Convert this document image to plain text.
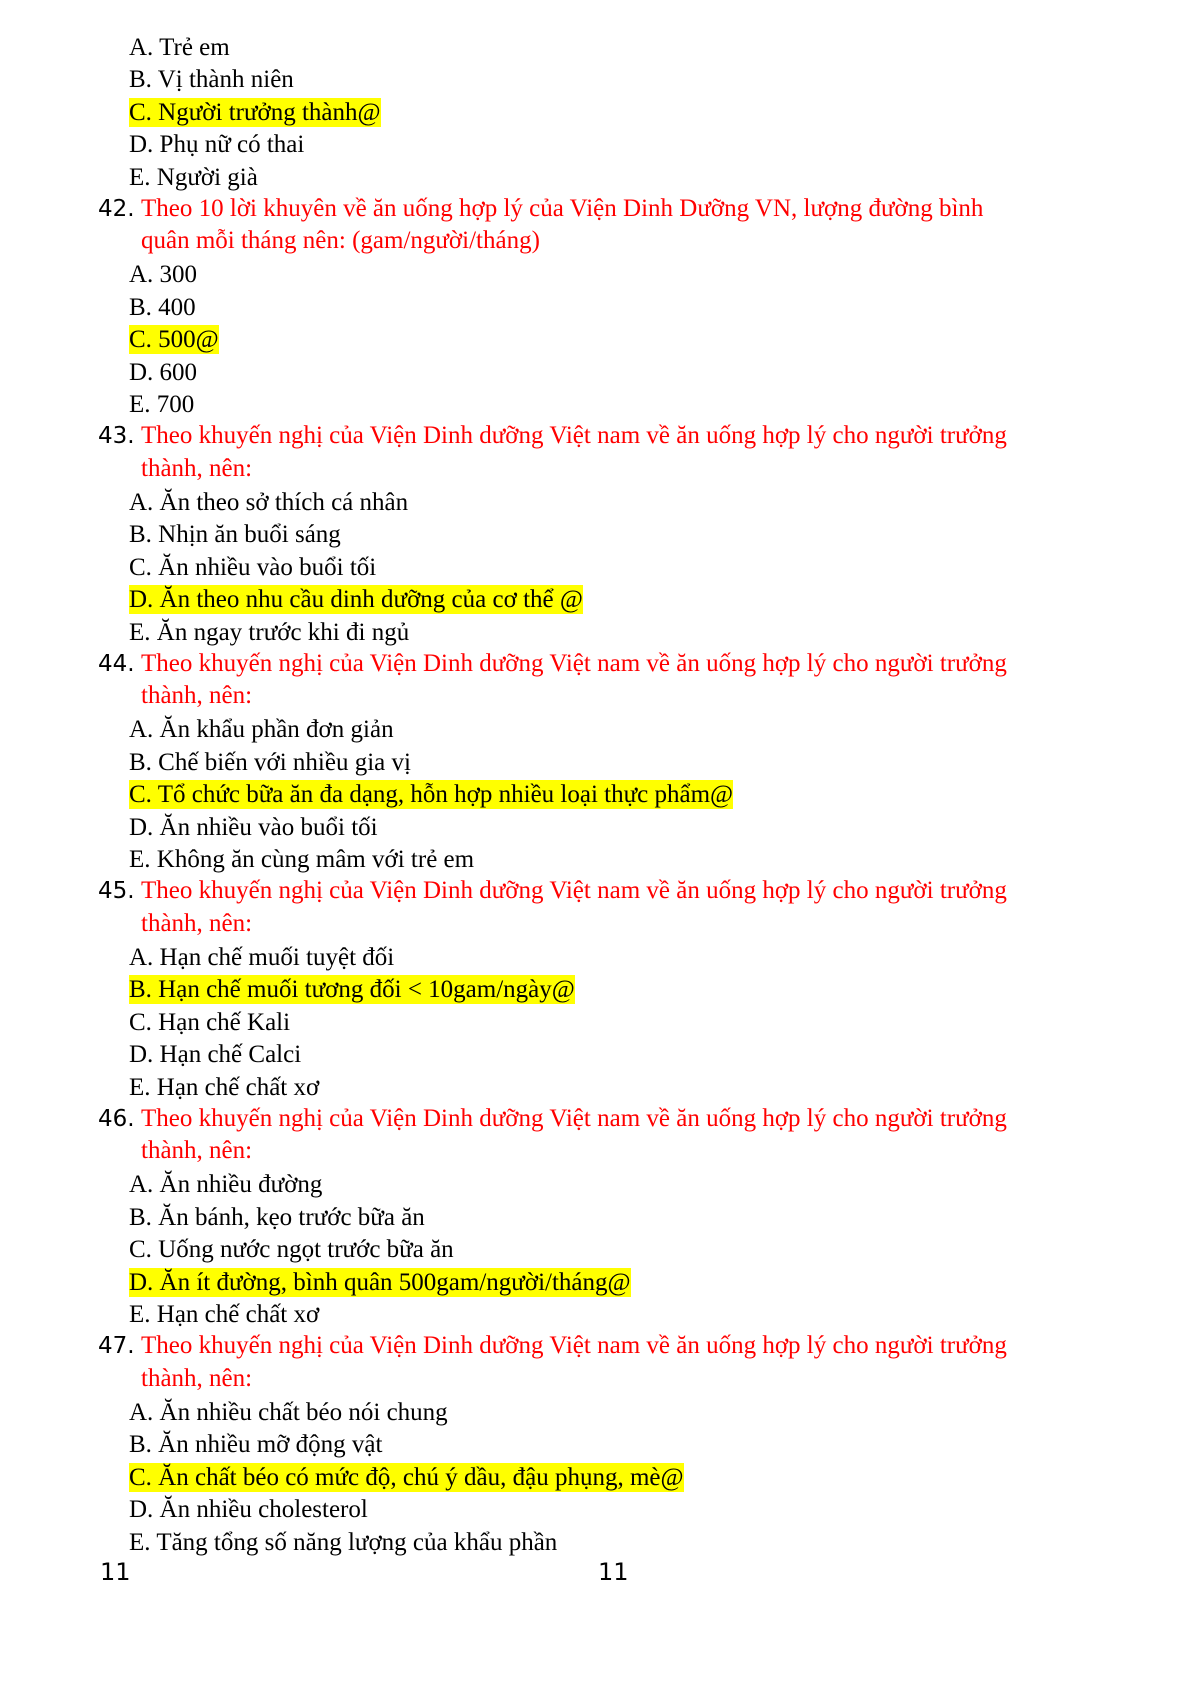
A. Trẻ em
B. Vị thành niên
C. Người trưởng thành@
D. Phụ nữ có thai
E. Người già
42. Theo 10 lời khuyên về ăn uống hợp lý của Viện Dinh Dưỡng VN, lượng đường bình
quân mỗi tháng nên: (gam/người/tháng)
A. 300
B. 400
C. 500@
D. 600
E. 700
43. Theo khuyến nghị của Viện Dinh dưỡng Việt nam về ăn uống hợp lý cho người trưởng
thành, nên:
A. Ăn theo sở thích cá nhân
B. Nhịn ăn buổi sáng
C. Ăn nhiều vào buổi tối
D. Ăn theo nhu cầu dinh dưỡng của cơ thể @
E. Ăn ngay trước khi đi ngủ
44. Theo khuyến nghị của Viện Dinh dưỡng Việt nam về ăn uống hợp lý cho người trưởng
thành, nên:
A. Ăn khẩu phần đơn giản
B. Chế biến với nhiều gia vị
C. Tổ chức bữa ăn đa dạng, hỗn hợp nhiều loại thực phẩm@
D. Ăn nhiều vào buổi tối
E. Không ăn cùng mâm với trẻ em
45. Theo khuyến nghị của Viện Dinh dưỡng Việt nam về ăn uống hợp lý cho người trưởng
thành, nên:
A. Hạn chế muối tuyệt đối
B. Hạn chế muối tương đối < 10gam/ngày@
C. Hạn chế Kali
D. Hạn chế Calci
E. Hạn chế chất xơ
46. Theo khuyến nghị của Viện Dinh dưỡng Việt nam về ăn uống hợp lý cho người trưởng
thành, nên:
A. Ăn nhiều đường
B. Ăn bánh, kẹo trước bữa ăn
C. Uống nước ngọt trước bữa ăn
D. Ăn ít đường, bình quân 500gam/người/tháng@
E. Hạn chế chất xơ
47. Theo khuyến nghị của Viện Dinh dưỡng Việt nam về ăn uống hợp lý cho người trưởng
thành, nên:
A. Ăn nhiều chất béo nói chung
B. Ăn nhiều mỡ động vật
C. Ăn chất béo có mức độ, chú ý dầu, đậu phụng, mè@
D. Ăn nhiều cholesterol
E. Tăng tổng số năng lượng của khẩu phần
11	11
